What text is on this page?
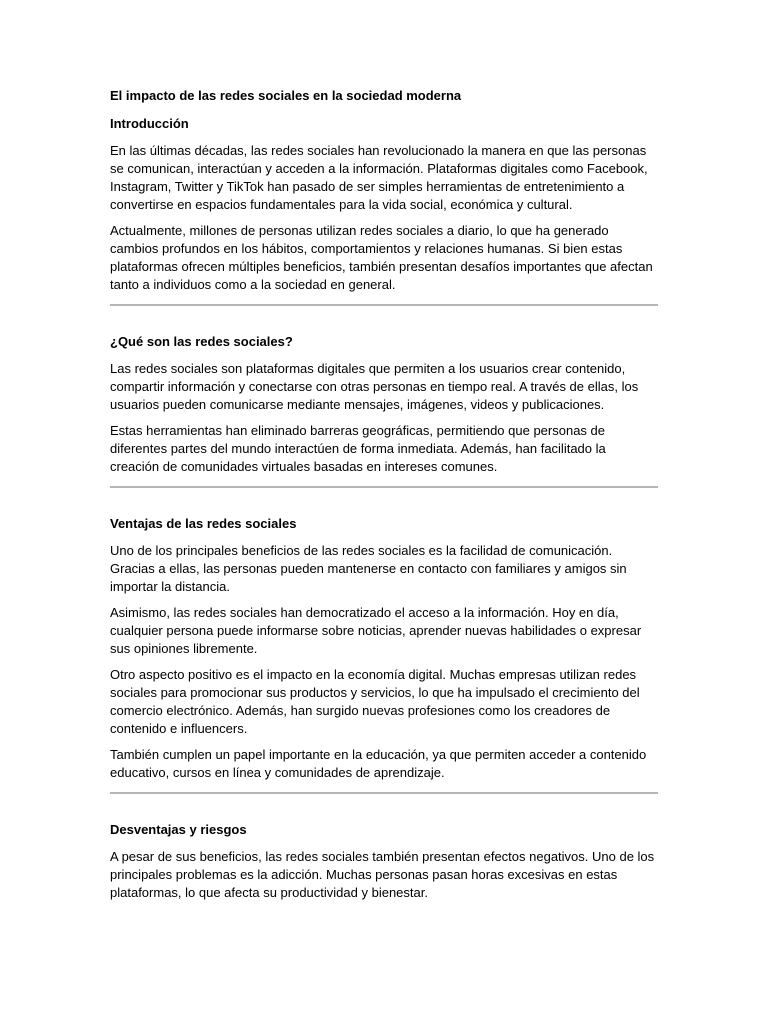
El impacto de las redes sociales en la sociedad moderna
Introducción

En las últimas décadas, las redes sociales han revolucionado la manera en que las personas se comunican, interactúan y acceden a la información. Plataformas digitales como Facebook, Instagram, Twitter y TikTok han pasado de ser simples herramientas de entretenimiento a convertirse en espacios fundamentales para la vida social, económica y cultural.

Actualmente, millones de personas utilizan redes sociales a diario, lo que ha generado cambios profundos en los hábitos, comportamientos y relaciones humanas. Si bien estas plataformas ofrecen múltiples beneficios, también presentan desafíos importantes que afectan tanto a individuos como a la sociedad en general.

¿Qué son las redes sociales?

Las redes sociales son plataformas digitales que permiten a los usuarios crear contenido, compartir información y conectarse con otras personas en tiempo real. A través de ellas, los usuarios pueden comunicarse mediante mensajes, imágenes, videos y publicaciones.

Estas herramientas han eliminado barreras geográficas, permitiendo que personas de diferentes partes del mundo interactúen de forma inmediata. Además, han facilitado la creación de comunidades virtuales basadas en intereses comunes.

Ventajas de las redes sociales

Uno de los principales beneficios de las redes sociales es la facilidad de comunicación. Gracias a ellas, las personas pueden mantenerse en contacto con familiares y amigos sin importar la distancia.

Asimismo, las redes sociales han democratizado el acceso a la información. Hoy en día, cualquier persona puede informarse sobre noticias, aprender nuevas habilidades o expresar sus opiniones libremente.

Otro aspecto positivo es el impacto en la economía digital. Muchas empresas utilizan redes sociales para promocionar sus productos y servicios, lo que ha impulsado el crecimiento del comercio electrónico. Además, han surgido nuevas profesiones como los creadores de contenido e influencers.

También cumplen un papel importante en la educación, ya que permiten acceder a contenido educativo, cursos en línea y comunidades de aprendizaje.

Desventajas y riesgos

A pesar de sus beneficios, las redes sociales también presentan efectos negativos. Uno de los principales problemas es la adicción. Muchas personas pasan horas excesivas en estas plataformas, lo que afecta su productividad y bienestar.
